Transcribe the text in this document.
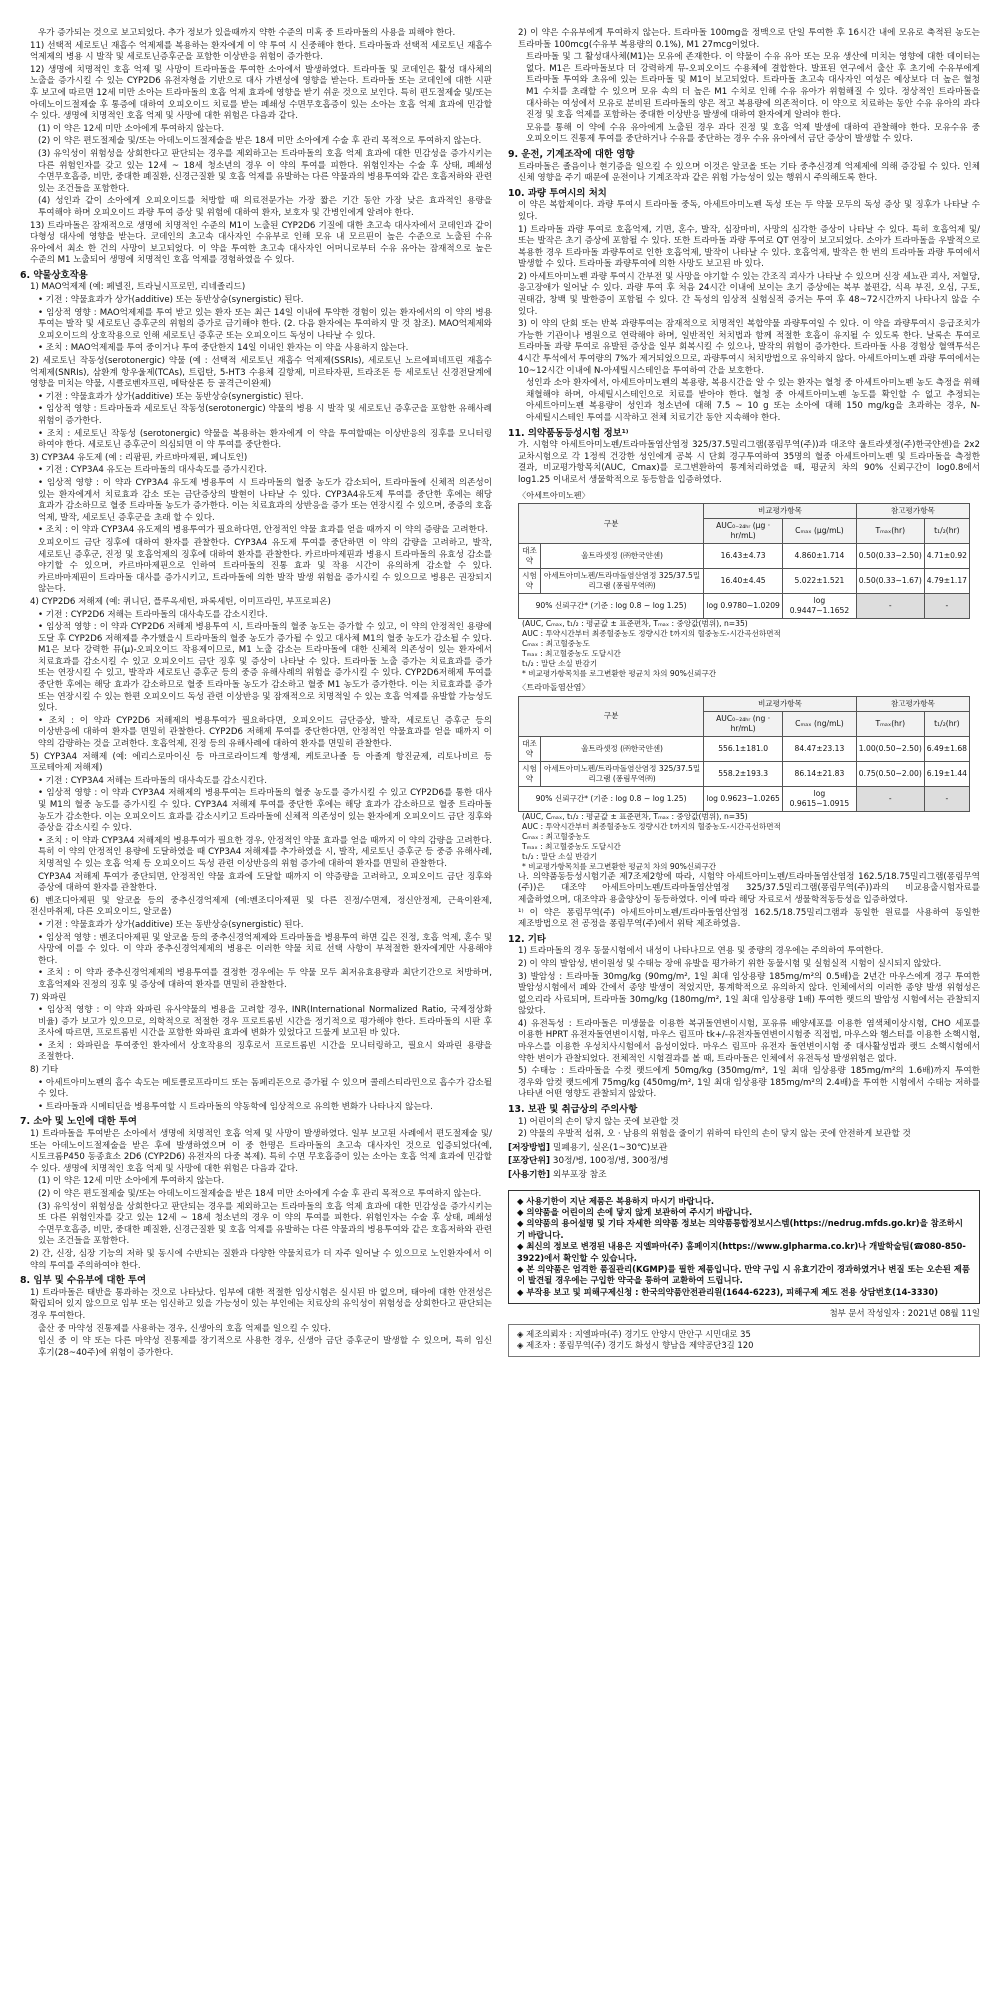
우가 증가되는 것으로 보고되었다. 추가 정보가 있을때까지 약한 수준의 미혹 중 트라마돌의 사용을 피해야 한다.
11) 선택적 세로토닌 재흡수 억제제를 복용하는 환자에게 이 약 투여 시 신중해야 한다. 트라마돌과 선택적 세로토닌 재흡수 억제제의 병용 시 발작 및 세로토닌증후군을 포함한 이상반응 위험이 증가한다.
12) 생명에 치명적인 호흡 억제 및 사망이 트라마돌을 투여한 소아에서 발생하였다. 트라마돌 및 코데인은 활성 대사체의 노출을 증가시킬 수 있는 CYP2D6 유전자형을 기반으로 대사 가변성에 영향을 받는다. 트라마돌 또는 코데인에 대한 시판 후 보고에 따르면 12세 미만 소아는 트라마돌의 호흡 억제 효과에 영향을 받기 쉬운 것으로 보인다. 특히 편도절제술 및/또는 아데노이드절제술 후 통증에 대하여 오피오이드 치료를 받는 폐쇄성 수면무호흡증이 있는 소아는 호흡 억제 효과에 민감할 수 있다. 생명에 치명적인 호흡 억제 및 사망에 대한 위험은 다음과 같다.
(1) 이 약은 12세 미만 소아에게 투여하지 않는다.
(2) 이 약은 편도절제술 및/또는 아데노이드절제술을 받은 18세 미만 소아에게 수술 후 관리 목적으로 투여하지 않는다.
(3) 유익성이 위험성을 상회한다고 판단되는 경우를 제외하고는 트라마돌의 호흡 억제 효과에 대한 민감성을 증가시키는 다른 위험인자를 갖고 있는 12세 ~ 18세 청소년의 경우 이 약의 투여를 피한다. 위험인자는 수술 후 상태, 폐쇄성 수면무호흡증, 비만, 중대한 폐질환, 신경근질환 및 호흡 억제를 유발하는 다른 약물과의 병용투여와 같은 호흡저하와 관련 있는 조건들을 포함한다.
(4) 성인과 같이 소아에게 오피오이드를 처방할 때 의료전문가는 가장 짧은 기간 동안 가장 낮은 효과적인 용량을 투여해야 하며 오피오이드 과량 투여 증상 및 위험에 대하여 환자, 보호자 및 간병인에게 알려야 한다.
13) 트라마돌은 잠재적으로 생명에 치명적인 수준의 M1이 노출된 CYP2D6 기질에 대한 초고속 대사자에서 코데인과 같이 다형성 대사에 영향을 받는다. 코데인의 초고속 대사자인 수유부로 인해 모유 내 모르핀이 높은 수준으로 노출된 수유 유아에서 최소 한 건의 사망이 보고되었다. 이 약을 투여한 초고속 대사자인 어머니로부터 수유 유아는 잠재적으로 높은 수준의 M1 노출되어 생명에 치명적인 호흡 억제를 경험하였을 수 있다.
6. 약물상호작용
1) MAO억제제 (예: 페넬진, 트라닐시프로민, 리네졸리드)
• 기전 : 약물효과가 상가(additive) 또는 동반상승(synergistic) 된다.
• 임상적 영향 : MAO억제제를 투여 받고 있는 환자 또는 최근 14일 이내에 투약한 경험이 있는 환자에서의 이 약의 병용 투여는 발작 및 세로토닌 증후군의 위험의 증가로 금기해야 한다. (2. 다음 환자에는 투여하지 말 것 참조). MAO억제제와 오피오이드의 상호작용으로 인해 세로토닌 증후군 또는 오피오이드 독성이 나타날 수 있다.
• 조치 : MAO억제제를 투여 중이거나 투여 중단한지 14일 이내인 환자는 이 약을 사용하지 않는다.
2) 세로토닌 작동성(serotonergic) 약물 (예 : 선택적 세로토닌 재흡수 억제제(SSRIs), 세로토닌 노르에피네프린 재흡수 억제제(SNRIs), 삼환계 항우울제(TCAs), 트립탄, 5-HT3 수용체 길항제, 미르타자핀, 트라조돈 등 세로토닌 신경전달계에 영향을 미치는 약물, 시클로벤자프린, 메탁살론 등 골격근이완제)
• 기전 : 약물효과가 상가(additive) 또는 동반상승(synergistic) 된다.
• 임상적 영향 : 트라마돌과 세로토닌 작동성(serotonergic) 약물의 병용 시 발작 및 세로토닌 증후군을 포함한 유해사례 위험이 증가한다.
• 조치 : 세로토닌 작동성 (serotonergic) 약물을 복용하는 환자에게 이 약을 투여할때는 이상반응의 징후를 모니터링 하여야 한다. 세로토닌 증후군이 의심되면 이 약 투여를 중단한다.
3) CYP3A4 유도제 (예 : 리팜핀, 카르바마제핀, 페니토인)
• 기전 : CYP3A4 유도는 트라마돌의 대사속도를 증가시킨다.
• 임상적 영향 : 이 약과 CYP3A4 유도제 병용투여 시 트라마돌의 혈중 농도가 감소되어, 트라마돌에 신체적 의존성이 있는 환자에게서 치료효과 감소 또는 금단증상의 발현이 나타날 수 있다. CYP3A4유도제 투여를 중단한 후에는 해당 효과가 감소하므로 혈중 트라마돌 농도가 증가한다. 이는 치료효과의 상반응을 증가 또는 연장시킬 수 있으며, 중증의 호흡 억제, 발작, 세로토닌 증후군을 초래 할 수 있다.
• 조치 : 이 약과 CYP3A4 유도제의 병용투여가 필요하다면, 안정적인 약물 효과를 얻을 때까지 이 약의 증량을 고려한다.
오피오이드 금단 징후에 대하여 환자를 관찰한다. CYP3A4 유도제 투여를 중단하면 이 약의 감량을 고려하고, 발작, 세로토닌 증후군, 진정 및 호흡억제의 징후에 대하여 환자를 관찰한다. 카르바마제핀과 병용시 트라마돌의 유효성 감소를 야기할 수 있으며, 카르바마제핀으로 인하여 트라마돌의 진통 효과 및 작용 시간이 유의하게 감소할 수 있다. 카르바마제핀이 트라마돌 대사를 증가시키고, 트라마돌에 의한 발작 발생 위험을 증가시킬 수 있으므로 병용은 권장되지 않는다.
4) CYP2D6 저해제 (예: 퀴니딘, 플루옥세틴, 파록세틴, 이미프라민, 부프로피온)
• 기전 : CYP2D6 저해는 트라마돌의 대사속도를 감소시킨다.
• 임상적 영향 : 이 약과 CYP2D6 저해제 병용투여 시, 트라마돌의 혈중 농도는 증가할 수 있고, 이 약의 안정적인 용량에 도달 후 CYP2D6 저해제를 추가했을시 트라마돌의 혈중 농도가 증가될 수 있고 대사체 M1의 혈중 농도가 감소될 수 있다. M1은 보다 강력한 뮤(μ)-오피오이드 작용제이므로, M1 노출 감소는 트라마돌에 대한 신체적 의존성이 있는 환자에서 치료효과를 감소시킬 수 있고 오피오이드 금단 징후 및 증상이 나타날 수 있다. 트라마돌 노출 증가는 치료효과를 증가 또는 연장시킬 수 있고, 발작과 세로토닌 증후군 등의 중증 유해사례의 위험을 증가시킬 수 있다. CYP2D6저해제 투여를 중단한 후에는 해당 효과가 감소하므로 혈중 트라마돌 농도가 감소하고 혈중 M1 농도가 증가한다. 이는 치료효과를 증가 또는 연장시킬 수 있는 한편 오피오이드 독성 관련 이상반응 및 잠재적으로 치명적일 수 있는 호흡 억제를 유발할 가능성도 있다.
• 조치 : 이 약과 CYP2D6 저해제의 병용투여가 필요하다면, 오피오이드 금단증상, 발작, 세로토닌 증후군 등의 이상반응에 대하여 환자를 면밀히 관찰한다. CYP2D6 저해제 투여를 중단한다면, 안정적인 약물효과를 얻을 때까지 이 약의 감량하는 것을 고려한다. 호흡억제, 진정 등의 유해사례에 대하여 환자를 면밀히 관찰한다.
5) CYP3A4 저해제 (예: 에리스로마이신 등 마크로라이드계 항생제, 케토코나졸 등 아졸계 항진균제, 리토나비르 등 프로테아제 저해제)
• 기전 : CYP3A4 저해는 트라마돌의 대사속도를 감소시킨다.
• 임상적 영향 : 이 약과 CYP3A4 저해제의 병용투여는 트라마돌의 혈중 농도를 증가시킬 수 있고 CYP2D6를 통한 대사 및 M1의 혈중 농도를 증가시킬 수 있다. CYP3A4 저해제 투여를 중단한 후에는 해당 효과가 감소하므로 혈중 트라마돌 농도가 감소한다. 이는 오피오이드 효과를 감소시키고 트라마돌에 신체적 의존성이 있는 환자에게 오피오이드 금단 징후와 증상을 감소시킬 수 있다.
• 조치 : 이 약과 CYP3A4 저해제의 병용투여가 필요한 경우, 안정적인 약물 효과를 얻을 때까지 이 약의 감량을 고려한다. 특히 이 약의 안정적인 용량에 도달하였을 때 CYP3A4 저해제를 추가하였을 시, 발작, 세로토닌 증후군 등 중증 유해사례, 치명적일 수 있는 호흡 억제 등 오피오이드 독성 관련 이상반응의 위험 증가에 대하여 환자를 면밀히 관찰한다.
CYP3A4 저해제 투여가 중단되면, 안정적인 약물 효과에 도달할 때까지 이 약증량을 고려하고, 오피오이드 금단 징후와 증상에 대하여 환자를 관찰한다.
6) 벤조디아제핀 및 알코올 등의 중추신경억제제 (예:벤조디아제핀 및 다른 진정/수면제, 정신안정제, 근육이완제, 전신마취제, 다른 오피오이드, 알코올)
• 기전 : 약물효과가 상가(additive) 또는 동반상승(synergistic) 된다.
• 임상적 영향 : 벤조디아제핀 및 알코올 등의 중추신경억제제와 트라마돌을 병용투여 하면 깊은 진정, 호흡 억제, 혼수 및 사망에 이를 수 있다. 이 약과 중추신경억제제의 병용은 이러한 약물 치료 선택 사항이 부적절한 환자에게만 사용해야 한다.
• 조치 : 이 약과 중추신경억제제의 병용투여를 결정한 경우에는 두 약물 모두 최저유효용량과 최단기간으로 처방하며, 호흡억제와 진정의 징후 및 증상에 대하여 환자를 면밀히 관찰한다.
7) 와파린
• 임상적 영향 : 이 약과 와파린 유사약물의 병용을 고려할 경우, INR(International Normalized Ratio, 국제정상화 비율) 증가 보고가 있으므로, 의학적으로 적절한 경우 프로트롬빈 시간을 정기적으로 평가해야 한다. 트라마돌의 시판 후 조사에 따르면, 프로트롬빈 시간을 포함한 와파린 효과에 변화가 있었다고 드물게 보고된 바 있다.
• 조치 : 와파린을 투여중인 환자에서 상호작용의 징후로서 프로트롬빈 시간을 모니터링하고, 필요시 와파린 용량을 조절한다.
8) 기타
• 아세트아미노펜의 흡수 속도는 메토클로프라미드 또는 돔페리돈으로 증가될 수 있으며 콜레스티라민으로 흡수가 감소될 수 있다.
• 트라마돌과 시메티딘을 병용투여할 시 트라마돌의 약동학에 임상적으로 유의한 변화가 나타나지 않는다.
7. 소아 및 노인에 대한 투여
1) 트라마돌을 투여받은 소아에서 생명에 치명적인 호흡 억제 및 사망이 발생하였다. 일부 보고된 사례에서 편도절제술 및/또는 아데노이드절제술을 받은 후에 발생하였으며 이 중 한명은 트라마돌의 초고속 대사자인 것으로 입증되었다(예, 시토크롬P450 동종효소 2D6 (CYP2D6) 유전자의 다중 복제). 특히 수면 무호흡증이 있는 소아는 호흡 억제 효과에 민감할 수 있다. 생명에 치명적인 호흡 억제 및 사망에 대한 위험은 다음과 같다.
(1) 이 약은 12세 미만 소아에게 투여하지 않는다.
(2) 이 약은 편도절제술 및/또는 아데노이드절제술을 받은 18세 미만 소아에게 수술 후 관리 목적으로 투여하지 않는다.
(3) 유익성이 위험성을 상회한다고 판단되는 경우를 제외하고는 트라마돌의 호흡 억제 효과에 대한 민감성을 증가시키는 또 다른 위험인자를 갖고 있는 12세 ~ 18세 청소년의 경우 이 약의 투여를 피한다. 위험인자는 수술 후 상태, 폐쇄성 수면무호흡증, 비만, 중대한 폐질환, 신경근질환 및 호흡 억제를 유발하는 다른 약물과의 병용투여와 같은 호흡저하와 관련 있는 조건들을 포함한다.
2) 간, 신장, 심장 기능의 저하 및 동시에 수반되는 질환과 다양한 약물치료가 더 자주 일어날 수 있으므로 노인환자에서 이 약의 투여를 주의하여야 한다.
8. 임부 및 수유부에 대한 투여
1) 트라마돌은 태반을 통과하는 것으로 나타났다. 임부에 대한 적절한 임상시험은 실시된 바 없으며, 태아에 대한 안전성은 확립되어 있지 않으므로 임부 또는 임신하고 있을 가능성이 있는 부인에는 치료상의 유익성이 위험성을 상회한다고 판단되는 경우 투여한다.
출산 중 마약성 진통제를 사용하는 경우, 신생아의 호흡 억제를 일으킬 수 있다.
임신 중 이 약 또는 다른 마약성 진통제를 장기적으로 사용한 경우, 신생아 금단 증후군이 발생할 수 있으며, 특히 임신 후기(28~40주)에 위험이 증가한다.
2) 이 약은 수유부에게 투여하지 않는다. 트라마돌 100mg을 정맥으로 단일 투여한 후 16시간 내에 모유로 축적된 농도는 트라마돌 100mcg(수유부 복용량의 0.1%), M1 27mcg이었다.
트라마돌 및 그 활성대사체(M1)는 모유에 존재한다. 이 약물이 수유 유아 또는 모유 생산에 미치는 영향에 대한 데이터는 없다. M1은 트라마돌보다 더 강력하게 뮤-오피오이드 수용체에 결합한다. 발표된 연구에서 출산 후 초기에 수유부에게 트라마돌 투여와 초유에 있는 트라마돌 및 M1이 보고되었다. 트라마돌 초고속 대사자인 여성은 예상보다 더 높은 혈청 M1 수치를 초래할 수 있으며 모유 속의 더 높은 M1 수치로 인해 수유 유아가 위험해질 수 있다. 정상적인 트라마돌을 대사하는 여성에서 모유로 분비된 트라마돌의 양은 적고 복용량에 의존적이다. 이 약으로 치료하는 동안 수유 유아의 과다 진정 및 호흡 억제를 포함하는 중대한 이상반응 발생에 대하여 환자에게 알려야 한다.
모유를 통해 이 약에 수유 유아에게 노출된 경우 과다 진정 및 호흡 억제 발생에 대하여 관찰해야 한다. 모유수유 중 오피오이드 진통제 투여를 중단하거나 수유를 중단하는 경우 수유 유아에서 금단 증상이 발생할 수 있다.
9. 운전, 기계조작에 대한 영향
트라마돌은 졸음이나 현기증을 일으킬 수 있으며 이것은 알코올 또는 기타 중추신경계 억제제에 의해 증강될 수 있다. 인체 신체 영향을 주기 때문에 운전이나 기계조작과 같은 위험 가능성이 있는 행위시 주의해도록 한다.
10. 과량 투여시의 처치
이 약은 복합제이다. 과량 투여시 트라마돌 중독, 아세트아미노펜 독성 또는 두 약물 모두의 독성 증상 및 징후가 나타날 수 있다.
1) 트라마돌 과량 투여로 호흡억제, 기면, 혼수, 발작, 심장마비, 사망의 심각한 증상이 나타날 수 있다. 특히 호흡억제 및/또는 발작은 초기 증상에 포함될 수 있다. 또한 트라마돌 과량 투여로 QT 연장이 보고되었다. 소아가 트라마돌을 우발적으로 복용한 경우 트라마돌 과량투여로 인한 호흡억제, 발작이 나타날 수 있다. 호흡억제, 발작은 한 번의 트라마돌 과량 투여에서 발생할 수 있다. 트라마돌 과량투여에 의한 사망도 보고된 바 있다.
2) 아세트아미노펜 과량 투여시 간부전 및 사망을 야기할 수 있는 간조직 괴사가 나타날 수 있으며 신장 세뇨관 괴사, 저혈당, 응고장애가 일어날 수 있다. 과량 투여 후 처음 24시간 이내에 보이는 초기 증상에는 복부 불편감, 식욕 부진, 오심, 구토, 권태감, 창백 및 발한증이 포함될 수 있다. 간 독성의 임상적 실험실적 증거는 투여 후 48~72시간까지 나타나지 않을 수 있다.
3) 이 약의 단회 또는 반복 과량투여는 잠재적으로 치명적인 복합약물 과량투여일 수 있다. 이 약을 과량투여시 응급조치가 가능한 기관이나 병원으로 연락해야 하며, 일반적인 처치법과 함께 적절한 호흡이 유지될 수 있도록 한다. 날록손 투여로 트라마돌 과량 투여로 유발된 증상을 일부 회복시킬 수 있으나, 발작의 위험이 증가한다. 트라마돌 사용 경험상 혈액투석은 4시간 투석에서 투여량의 7%가 제거되었으므로, 과량투여시 처치방법으로 유익하지 않다. 아세트아미노펜 과량 투여에서는 10~12시간 이내에 N-아세틸시스테인을 투여하여 간을 보호한다.
성인과 소아 환자에서, 아세트아미노펜의 복용량, 복용시간을 알 수 있는 환자는 혈청 중 아세트아미노펜 농도 측정을 위해 채혈해야 하며, 아세틸시스테인으로 치료를 받아야 한다. 혈청 중 아세트아미노펜 농도를 확인할 수 없고 추정되는 아세트아미노펜 복용량이 성인과 청소년에 대해 7.5 ~ 10 g 또는 소아에 대해 150 mg/kg을 초과하는 경우, N-아세틸시스테인 투여를 시작하고 전체 치료기간 동안 지속해야 한다.
11. 의약품동등성시험 정보¹⁾
가. 시험약 아세트아미노펜/트라마돌염산염정 325/37.5밀리그램(퐁림무역(주))과 대조약 울트라셋정(주)한국얀센)을 2x2 교차시험으로 각 1정씩 건강한 성인에게 공복 시 단회 경구투여하여 35명의 혈중 아세트아미노펜 및 트라마돌을 측정한 결과, 비교평가항목치(AUC, Cmax)를 로그변환하여 통계처리하였을 때, 평균치 차의 90% 신뢰구간이 log0.8에서 log1.25 이내로서 생물학적으로 동등함을 입증하였다.
〈아세트아미노펜〉
구분		비교평가항목		참고평가항목	
		AUC₀₋₂₄ₕᵣ (μg · hr/mL)	Cₘₐₓ (μg/mL)	Tₘₐₓ(hr)	t₁/₂(hr)
대조약	울트라셋정 (㈜한국얀센)	16.43±4.73	4.860±1.714	0.50(0.33~2.50)	4.71±0.92
시험약	아세트아미노펜/트라마돌염산염정 325/37.5밀리그램 (퐁림무역㈜)	16.40±4.45	5.022±1.521	0.50(0.33~1.67)	4.79±1.17
90% 신뢰구간* (기준 : log 0.8 ~ log 1.25)		log 0.9780~1.0209	log 0.9447~1.1652	-	-
(AUC, Cₘₐₓ, t₁/₂ : 평균값 ± 표준편차, Tₘₐₓ : 중앙값(범위), n=35)
AUC : 투약시간부터 최종혈중농도 정량시간 t까지의 혈중농도-시간곡선하면적
Cₘₐₓ : 최고혈중농도
Tₘₐₓ : 최고혈중농도 도달시간
t₁/₂ : 말단 소실 반감기
* 비교평가항목치를 로그변환한 평균치 차의 90%신뢰구간
〈트라마돌염산염〉
구분		비교평가항목		참고평가항목	
		AUC₀₋₂₄ₕᵣ (ng · hr/mL)	Cₘₐₓ (ng/mL)	Tₘₐₓ(hr)	t₁/₂(hr)
대조약	울트라셋정 (㈜한국얀센)	556.1±181.0	84.47±23.13	1.00(0.50~2.50)	6.49±1.68
시험약	아세트아미노펜/트라마돌염산염정 325/37.5밀리그램 (퐁림무역㈜)	558.2±193.3	86.14±21.83	0.75(0.50~2.00)	6.19±1.44
90% 신뢰구간* (기준 : log 0.8 ~ log 1.25)		log 0.9623~1.0265	log 0.9615~1.0915	-	-
(AUC, Cₘₐₓ, t₁/₂ : 평균값 ± 표준편차, Tₘₐₓ : 중앙값(범위), n=35)
AUC : 투약시간부터 최종혈중농도 정량시간 t까지의 혈중농도-시간곡선하면적
Cₘₐₓ : 최고혈중농도
Tₘₐₓ : 최고혈중농도 도달시간
t₁/₂ : 말단 소실 반감기
* 비교평가항목치를 로그변환한 평균치 차의 90%신뢰구간
나. 의약품동등성시험기준 제7조제2항에 따라, 시험약 아세트아미노펜/트라마돌염산염정 162.5/18.75밀리그램(퐁림무역(주))은 대조약 아세트아미노펜/트라마돌염산염정 325/37.5밀리그램(퐁림무역(주))과의 비교용출시험자료를 제출하였으며, 대조약과 용출양상이 동등하였다. 이에 따라 해당 자료로서 생물학적동등성을 입증하였다.
¹⁾ 이 약은 퐁림무역(주) 아세트아미노펜/트라마돌염산염정 162.5/18.75밀리그램과 동일한 원료를 사용하여 동일한 제조방법으로 전 공정을 퐁림무역(주)에서 위탁 제조하였음.
12. 기타
1) 트라마돌의 경우 동물시험에서 내성이 나타나므로 연용 및 중량의 경우에는 주의하여 투여한다.
2) 이 약의 발암성, 변이원성 및 수태능 장애 유발을 평가하기 위한 동물시험 및 실험실적 시험이 실시되지 않았다.
3) 발암성 : 트라마돌 30mg/kg (90mg/m², 1일 최대 임상용량 185mg/m²의 0.5배)을 2년간 마우스에게 경구 투여한 발암성시험에서 폐와 간에서 종양 발생이 적었지만, 통계학적으로 유의하지 않다. 인체에서의 이러한 종양 발생 위험성은 없으리라 사료되며, 트라마돌 30mg/kg (180mg/m², 1일 최대 임상용량 1배) 투여한 랫드의 발암성 시험에서는 관찰되지 않았다.
4) 유전독성 : 트라마돌은 미생물을 이용한 복귀돌연변이시험, 포유류 배양세포를 이용한 염색체이상시험, CHO 세포를 이용한 HPRT 유전자돌연변이시험, 마우스 림프마 tk+/-유전자돌연변이시험중 직접법, 마우스와 햄스터를 이용한 소핵시험, 마우스를 이용한 우성치사시험에서 음성이었다. 마우스 림프마 유전자 돌연변이시험 중 대사활성법과 랫드 소핵시험에서 약한 변이가 관찰되었다. 전체적인 시험결과를 볼 때, 트라마돌은 인체에서 유전독성 발생위험은 없다.
5) 수태능 : 트라마돌을 수컷 랫드에게 50mg/kg (350mg/m², 1일 최대 임상용량 185mg/m²의 1.6배)까지 투여한 경우와 암컷 랫드에게 75mg/kg (450mg/m², 1일 최대 임상용량 185mg/m²의 2.4배)을 투여한 시험에서 수태능 저하를 나타낸 어떤 영향도 관찰되지 않았다.
13. 보관 및 취급상의 주의사항
1) 어린이의 손이 닿지 않는 곳에 보관할 것
2) 약물의 우발적 섭취, 오 · 남용의 위험을 줄이기 위하여 타인의 손이 닿지 않는 곳에 안전하게 보관할 것
[저장방법] 밀폐용기, 실온(1~30℃)보관
[포장단위] 30정/병, 100정/병, 300정/병
[사용기한] 외부포장 참조
◆ 사용기한이 지난 제품은 복용하지 마시기 바랍니다.
◆ 의약품을 어린이의 손에 닿지 않게 보관하여 주시기 바랍니다.
◆ 의약품의 용어설명 및 기타 자세한 의약품 정보는 의약품통합정보시스템(https://nedrug.mfds.go.kr)을 참조하시기 바랍니다.
◆ 최신의 정보로 변경된 내용은 지엘파마(주) 홈페이지(https://www.glpharma.co.kr)나 개발학술팀(☎080-850-3922)에서 확인할 수 있습니다.
◆ 본 의약품은 엄격한 품질관리(KGMP)를 필한 제품입니다. 만약 구입 시 유효기간이 경과하였거나 변질 또는 오손된 제품이 발견될 경우에는 구입한 약국을 통하여 교환하여 드립니다.
◆ 부작용 보고 및 피해구제신청 : 한국의약품안전관리원(1644-6223), 피해구제 제도 전용 상담번호(14-3330)
첨부 문서 작성일자 : 2021년 08월 11일
◈ 제조의뢰자 : 지엘파마(주) 경기도 안양시 만안구 시민대로 35
◈ 제조자 : 퐁림무역(주) 경기도 화성시 향남읍 제약공단3길 120
